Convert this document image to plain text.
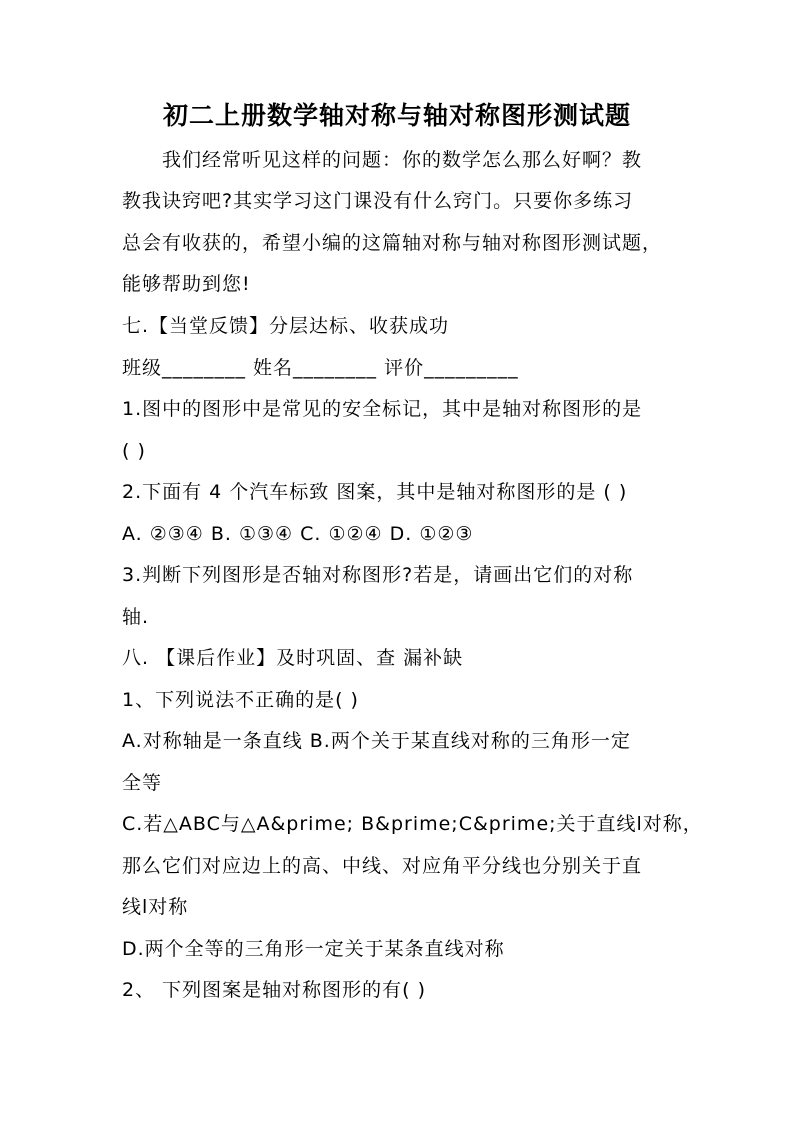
初二上册数学轴对称与轴对称图形测试题
　　我们经常听见这样的问题：你的数学怎么那么好啊？教
教我诀窍吧?其实学习这门课没有什么窍门。只要你多练习
总会有收获的，希望小编的这篇轴对称与轴对称图形测试题，
能够帮助到您!
七.【当堂反馈】分层达标、收获成功
班级________ 姓名________ 评价_________
1.图中的图形中是常见的安全标记，其中是轴对称图形的是
( )
2.下面有 4 个汽车标致 图案，其中是轴对称图形的是 ( )
A. ②③④ B. ①③④ C. ①②④ D. ①②③
3.判断下列图形是否轴对称图形?若是，请画出它们的对称
轴.
八. 【课后作业】及时巩固、查 漏补缺
1、下列说法不正确的是( )
A.对称轴是一条直线 B.两个关于某直线对称的三角形一定
全等
C.若△ABC与△A&prime; B&prime;C&prime;关于直线l对称，
那么它们对应边上的高、中线、对应角平分线也分别关于直
线l对称
D.两个全等的三角形一定关于某条直线对称
2、 下列图案是轴对称图形的有( )
